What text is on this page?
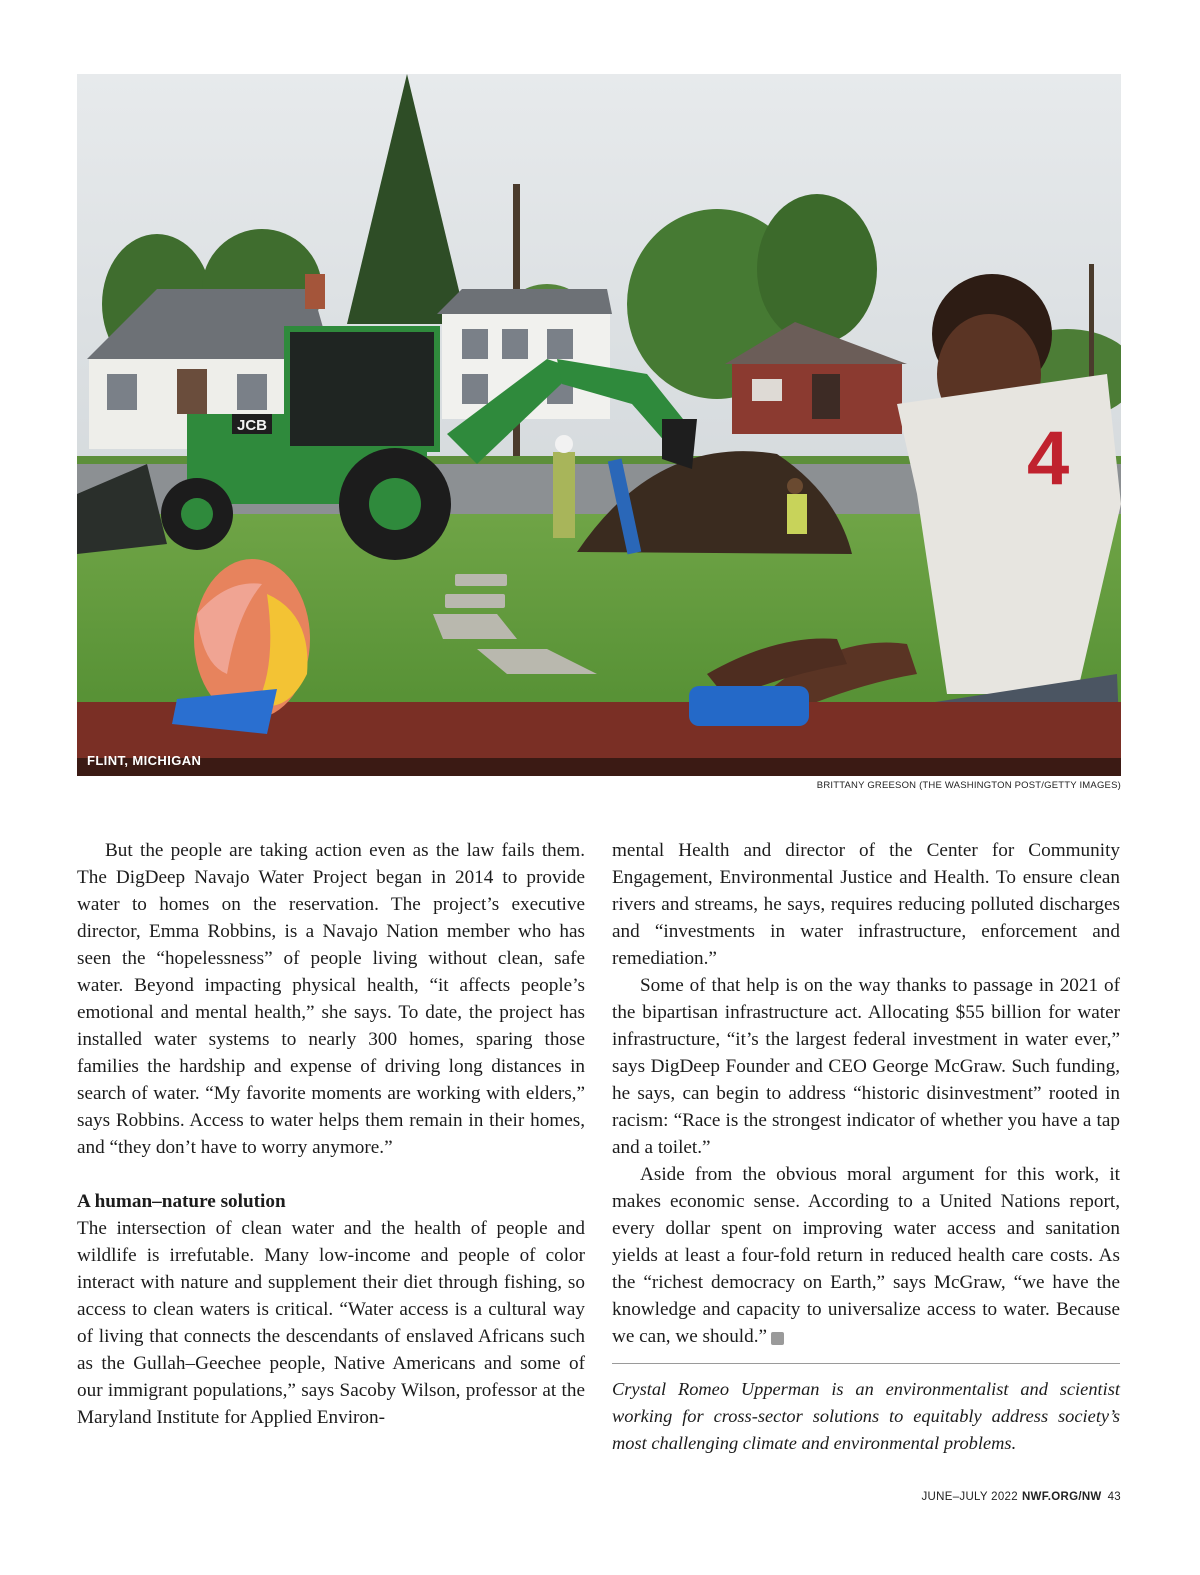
JCB	4
FLINT, MICHIGAN
BRITTANY GREESON (THE WASHINGTON POST/GETTY IMAGES)

But the people are taking action even as the law fails them. The DigDeep Navajo Water Project began in 2014 to provide water to homes on the reservation. The project’s executive director, Emma Robbins, is a Navajo Nation member who has seen the “hopelessness” of people living without clean, safe water. Beyond impacting physical health, “it affects people’s emotional and mental health,” she says. To date, the project has installed water systems to nearly 300 homes, sparing those families the hardship and expense of driving long distances in search of water. “My favorite moments are working with elders,” says Robbins. Access to water helps them remain in their homes, and “they don’t have to worry anymore.”

A human–nature solution

The intersection of clean water and the health of people and wildlife is irrefutable. Many low-income and people of color interact with nature and supplement their diet through fishing, so access to clean waters is critical. “Water access is a cultural way of living that connects the descendants of enslaved Africans such as the Gullah–Geechee people, Native Americans and some of our immigrant populations,” says Sacoby Wilson, professor at the Maryland Institute for Applied Environ-

mental Health and director of the Center for Community Engagement, Environmental Justice and Health. To ensure clean rivers and streams, he says, requires reducing polluted discharges and “investments in water infrastructure, enforcement and remediation.”

Some of that help is on the way thanks to passage in 2021 of the bipartisan infrastructure act. Allocating $55 billion for water infrastructure, “it’s the largest federal investment in water ever,” says DigDeep Founder and CEO George McGraw. Such funding, he says, can begin to address “historic disinvestment” rooted in racism: “Race is the strongest indicator of whether you have a tap and a toilet.”

Aside from the obvious moral argument for this work, it makes economic sense. According to a United Nations report, every dollar spent on improving water access and sanitation yields at least a four-fold return in reduced health care costs. As the “richest democracy on Earth,” says McGraw, “we have the knowledge and capacity to universalize access to water. Because we can, we should.”	W

Crystal Romeo Upperman is an environmentalist and scientist working for cross-sector solutions to equitably address society’s most challenging climate and environmental problems.

JUNE–JULY 2022 NWF.ORG/NW 43
